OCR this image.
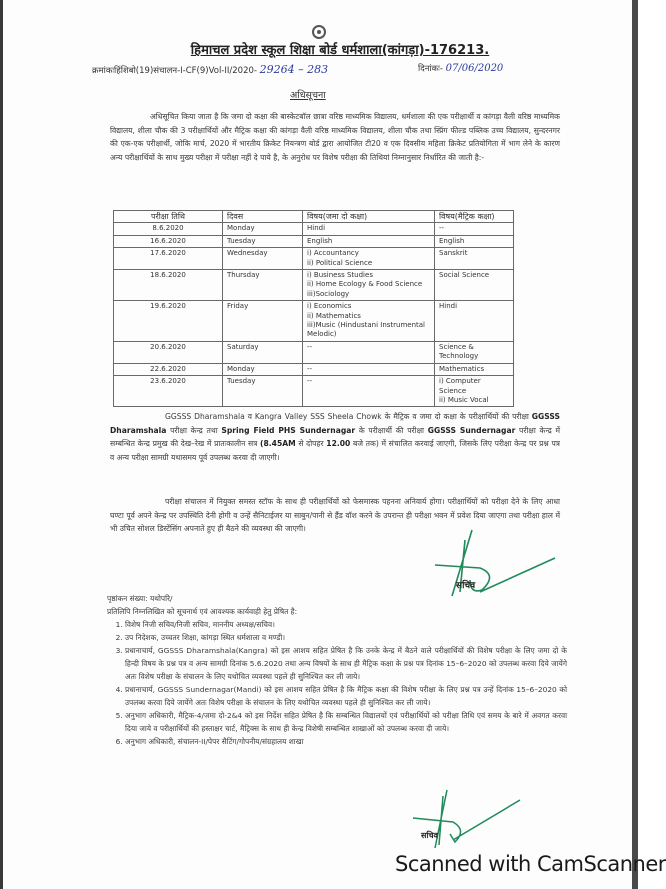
हिमाचल प्रदेश स्कूल शिक्षा बोर्ड धर्मशाला(कांगड़ा)-176213.
क्रमांकःहिंशिबो(19)संचालन-I-CF(9)Vol-II/2020- 29264 – 283	दिनांकः- 07/06/2020
अधिसूचना
अधिसूचित किया जाता है कि जमा दो कक्षा की बास्केटबॉल छात्रा वरिष्ठ माध्यमिक विद्यालय, धर्मशाला की एक परीक्षार्थी व कांगड़ा वैली वरिष्ठ माध्यमिक विद्यालय, शीला चौक की 3 परीक्षार्थियों और मैट्रिक कक्षा की कांगड़ा वैली वरिष्ठ माध्यमिक विद्यालय, शीला चौक तथा स्प्रिंग फील्ड पब्लिक उच्च विद्यालय, सुन्दरनगर की एक-एक परीक्षार्थी, जोकि मार्च, 2020 में भारतीय क्रिकेट नियन्त्रण बोर्ड द्वारा आयोजित टी20 व एक दिवसीय महिला क्रिकेट प्रतियोगिता में भाग लेने के कारण अन्य परीक्षार्थियों के साथ मुख्य परीक्षा में परीक्षा नहीं दे पाये है, के अनुरोध पर विशेष परीक्षा की तिथियां निम्नानुसार निर्धारित की जाती है:-
परीक्षा तिथि	दिवस	विषय(जमा दो कक्षा)	विषय(मैट्रिक कक्षा)
8.6.2020	Monday	Hindi	--

16.6.2020	Tuesday	English	English

17.6.2020	Wednesday	i) Accountancy
ii) Political Science	Sanskrit

18.6.2020	Thursday	i) Business Studies
ii) Home Ecology & Food Science
iii)Sociology	Social Science

19.6.2020	Friday	i) Economics
ii) Mathematics
iii)Music (Hindustani Instrumental Melodic)	Hindi

20.6.2020	Saturday	--	Science & Technology

22.6.2020	Monday	--	Mathematics

23.6.2020	Tuesday	--	i) Computer Science
ii) Music Vocal
GGSSS Dharamshala व Kangra Valley SSS Sheela Chowk के मैट्रिक व जमा दो कक्षा के परीक्षार्थियों की परीक्षा GGSSS Dharamshala परीक्षा केन्द्र तथा Spring Field PHS Sundernagar के परीक्षार्थी की परीक्षा GGSSS Sundernagar परीक्षा केन्द्र में सम्बन्धित केन्द्र प्रमुख की देख–रेख में प्रातःकालीन सत्र (8.45AM से दोपहर 12.00 बजे तक) में संचालित करवाई जाएगी, जिसके लिए परीक्षा केन्द्र पर प्रश्न पत्र व अन्य परीक्षा सामग्री यथासमय पूर्व उपलब्ध करवा दी जाएगी।
परीक्षा संचालन में नियुक्त समस्त स्टॉफ के साथ ही परीक्षार्थियों को फेसमास्क पहनना अनिवार्य होगा। परीक्षार्थियों को परीक्षा देने के लिए आधा घण्टा पूर्व अपने केन्द्र पर उपस्थिति देनी होगी व उन्हें सैनिटाईजर या साबुन/पानी से हैंड वॉश करने के उपरान्त ही परीक्षा भवन में प्रवेश दिया जाएगा तथा परीक्षा हाल में भी उचित सोशल डिस्टेंसिंग अपनाते हुए ही बैठने की व्यवस्था की जाएगी।
सचिव
पृष्ठांकन संख्या: यथोपरि/
प्रतिलिपि निम्नलिखित को सूचनार्थ एवं आवश्यक कार्यवाही हेतु प्रेषित है:
1. विशेष निजी सचिव/निजी सचिव, माननीय अध्यक्ष/सचिव।
2. उप निदेशक, उच्चतर शिक्षा, कांगड़ा स्थित धर्मशाला व मण्डी।
3. प्रधानाचार्य, GGSSS Dharamshala(Kangra) को इस आशय सहित प्रेषित है कि उनके केन्द्र में बैठने वाले परीक्षार्थियों की विशेष परीक्षा के लिए जमा दो के हिन्दी विषय के प्रश्न पत्र व अन्य सामग्री दिनांक 5.6.2020 तथा अन्य विषयों के साथ ही मैट्रिक कक्षा के प्रश्न पत्र दिनांक 15–6–2020 को उपलब्ध करवा दिये जायेंगे अतः विशेष परीक्षा के संचालन के लिए यथोचित व्यवस्था पहले ही सुनिश्चित कर ली जाये।
4. प्रधानाचार्य, GGSSS Sundernagar(Mandi) को इस आशय सहित प्रेषित है कि मैट्रिक कक्षा की विशेष परीक्षा के लिए प्रश्न पत्र उन्हें दिनांक 15–6–2020 को उपलब्ध करवा दिये जायेंगे अतः विशेष परीक्षा के संचालन के लिए यथोचित व्यवस्था पहले ही सुनिश्चित कर ली जाये।
5. अनुभाग अधिकारी, मैट्रिक-4/जमा दो-2&4 को इस निर्देश सहित प्रेषित है कि सम्बन्धित विद्यालयों एवं परीक्षार्थियों को परीक्षा तिथि एवं समय के बारे में अवगत करवा दिया जाये व परीक्षार्थियों की हस्ताक्षर चार्ट, मैट्रिक्स के साथ ही केन्द्र विशेषी सम्बन्धित शाखाओं को उपलब्ध करवा दी जाये।
6. अनुभाग अधिकारी, संचालन-II/पेपर सैटिंग/गोपनीय/संग्रहालय शाखा
सचिव
Scanned with CamScanner
